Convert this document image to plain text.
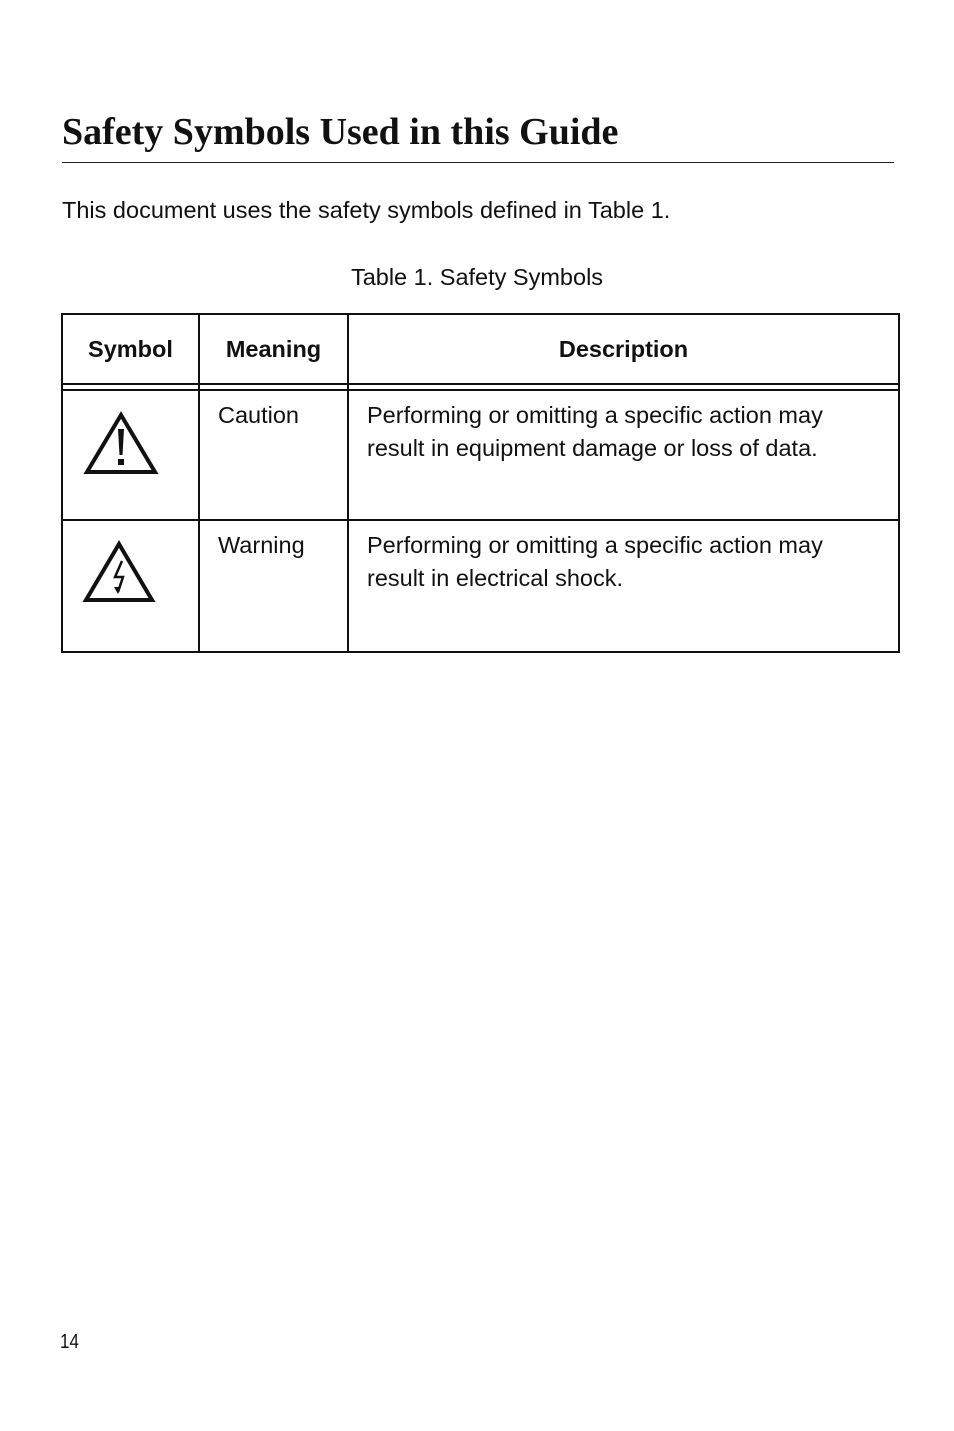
Safety Symbols Used in this Guide

This document uses the safety symbols defined in Table 1.

Table 1. Safety Symbols
Symbol	Meaning	Description

	Caution	Performing or omitting a specific action may result in equipment damage or loss of data.
	Warning	Performing or omitting a specific action may result in electrical shock.
14
